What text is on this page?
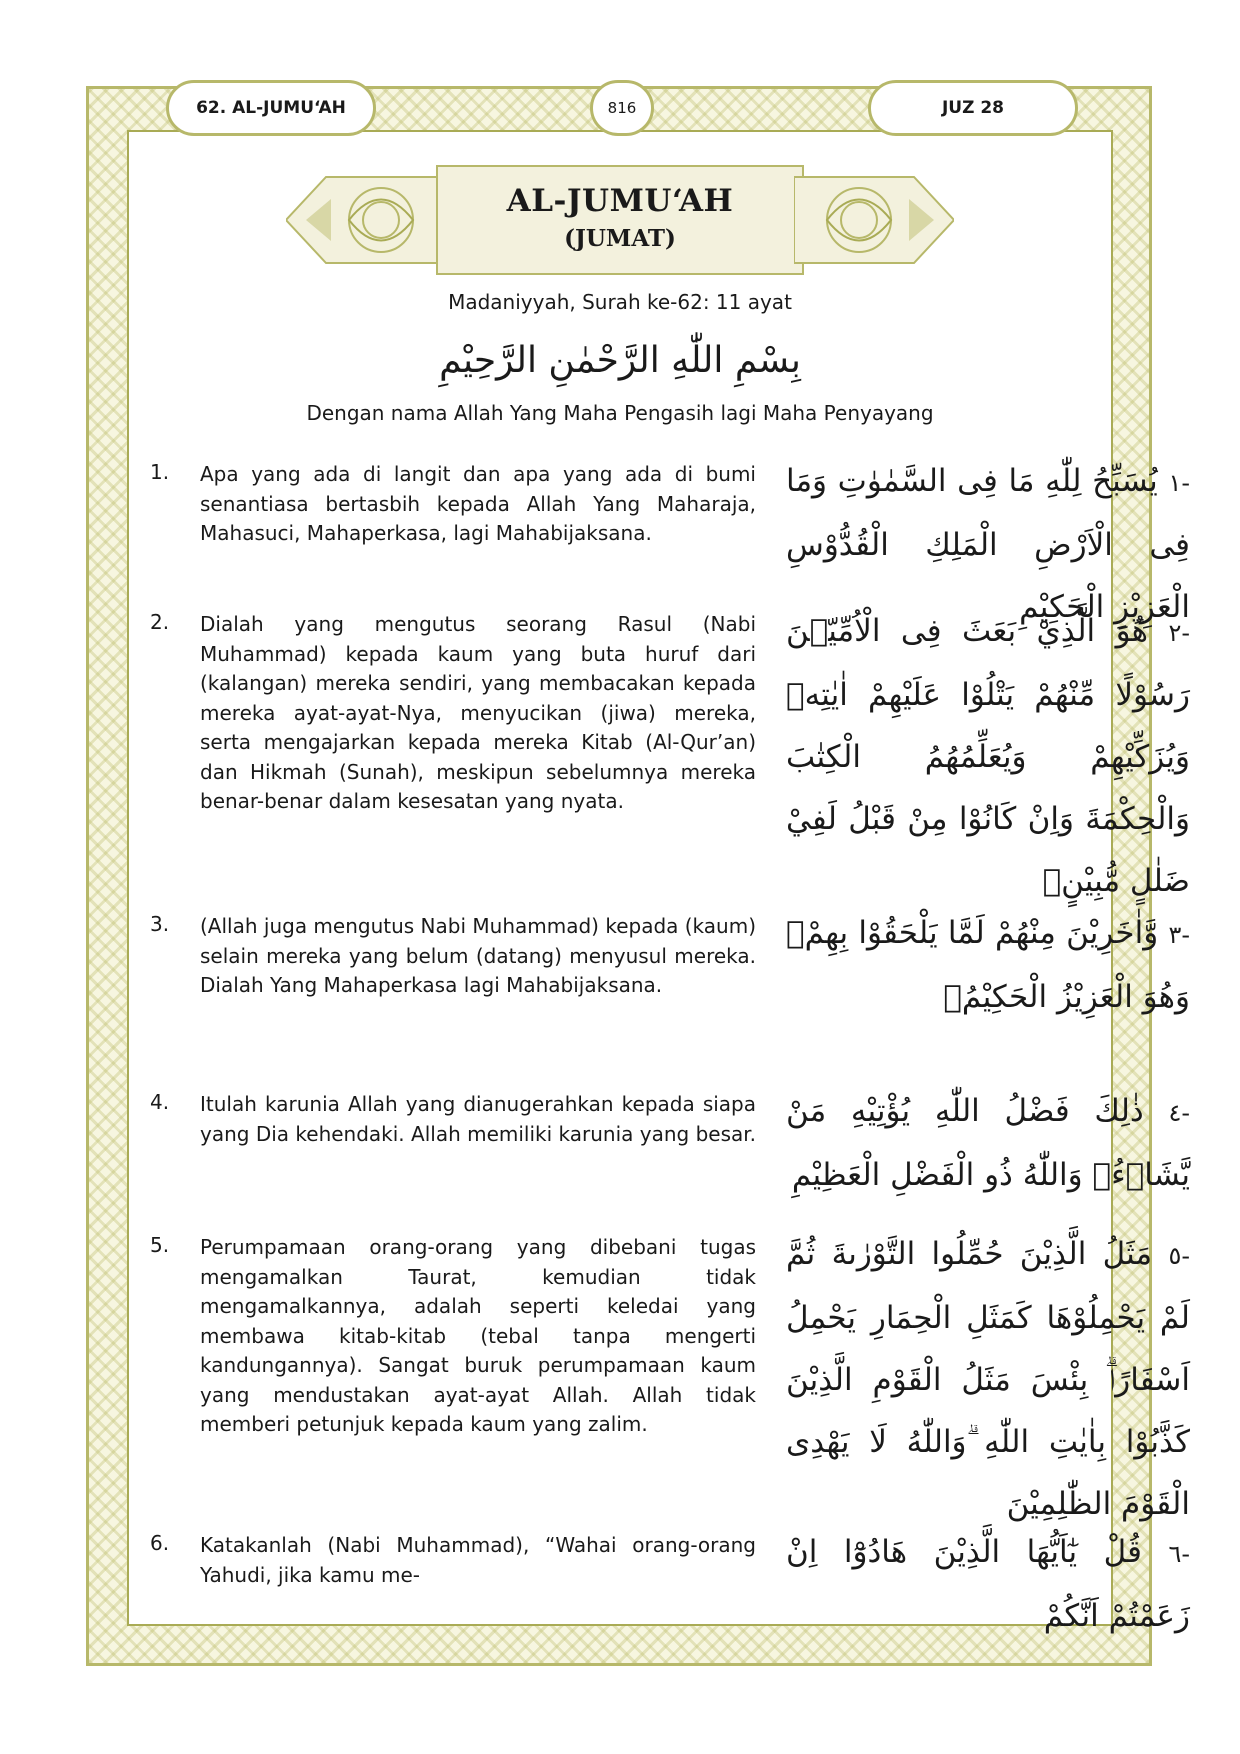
62. AL-JUMU‘AH	816	JUZ 28
AL-JUMU‘AH
(JUMAT)
Madaniyyah, Surah ke-62: 11 ayat
بِسْمِ اللّٰهِ الرَّحْمٰنِ الرَّحِيْمِ
Dengan nama Allah Yang Maha Pengasih lagi Maha Penyayang
1. Apa yang ada di langit dan apa yang ada di bumi senantiasa bertasbih kepada Allah Yang Maharaja, Mahasuci, Mahaperkasa, lagi Mahabijaksana.
-١ يُسَبِّحُ لِلّٰهِ مَا فِى السَّمٰوٰتِ وَمَا فِى الْاَرْضِ الْمَلِكِ الْقُدُّوْسِ الْعَزِيْزِ الْحَكِيْمِ
2. Dialah yang mengutus seorang Rasul (Nabi Muhammad) kepada kaum yang buta huruf dari (kalangan) mereka sendiri, yang membacakan kepada mereka ayat-ayat-Nya, menyucikan (jiwa) mereka, serta mengajarkan kepada mereka Kitab (Al-Qur’an) dan Hikmah (Sunah), meskipun sebelumnya mereka benar-benar dalam kesesatan yang nyata.
-٢ هُوَ الَّذِيْ بَعَثَ فِى الْاُمِّيّٖنَ رَسُوْلًا مِّنْهُمْ يَتْلُوْا عَلَيْهِمْ اٰيٰتِهٖ وَيُزَكِّيْهِمْ وَيُعَلِّمُهُمُ الْكِتٰبَ وَالْحِكْمَةَ وَاِنْ كَانُوْا مِنْ قَبْلُ لَفِيْ ضَلٰلٍ مُّبِيْنٍۙ
3. (Allah juga mengutus Nabi Muhammad) kepada (kaum) selain mereka yang belum (datang) menyusul mereka. Dialah Yang Mahaperkasa lagi Mahabijaksana.
-٣ وَّاٰخَرِيْنَ مِنْهُمْ لَمَّا يَلْحَقُوْا بِهِمْۗ وَهُوَ الْعَزِيْزُ الْحَكِيْمُۙ
4. Itulah karunia Allah yang dianugerahkan kepada siapa yang Dia kehendaki. Allah memiliki karunia yang besar.
-٤ ذٰلِكَ فَضْلُ اللّٰهِ يُؤْتِيْهِ مَنْ يَّشَاۤءُۗ وَاللّٰهُ ذُو الْفَضْلِ الْعَظِيْمِ
5. Perumpamaan orang-orang yang dibebani tugas mengamalkan Taurat, kemudian tidak mengamalkannya, adalah seperti keledai yang membawa kitab-kitab (tebal tanpa mengerti kandungannya). Sangat buruk perumpamaan kaum yang mendustakan ayat-ayat Allah. Allah tidak memberi petunjuk kepada kaum yang zalim.
-٥ مَثَلُ الَّذِيْنَ حُمِّلُوا التَّوْرٰىةَ ثُمَّ لَمْ يَحْمِلُوْهَا كَمَثَلِ الْحِمَارِ يَحْمِلُ اَسْفَارًاۗ بِئْسَ مَثَلُ الْقَوْمِ الَّذِيْنَ كَذَّبُوْا بِاٰيٰتِ اللّٰهِ ۗوَاللّٰهُ لَا يَهْدِى الْقَوْمَ الظّٰلِمِيْنَ
6. Katakanlah (Nabi Muhammad), “Wahai orang-orang Yahudi, jika kamu me-
-٦ قُلْ يٰٓاَيُّهَا الَّذِيْنَ هَادُوْٓا اِنْ زَعَمْتُمْ اَنَّكُمْ
